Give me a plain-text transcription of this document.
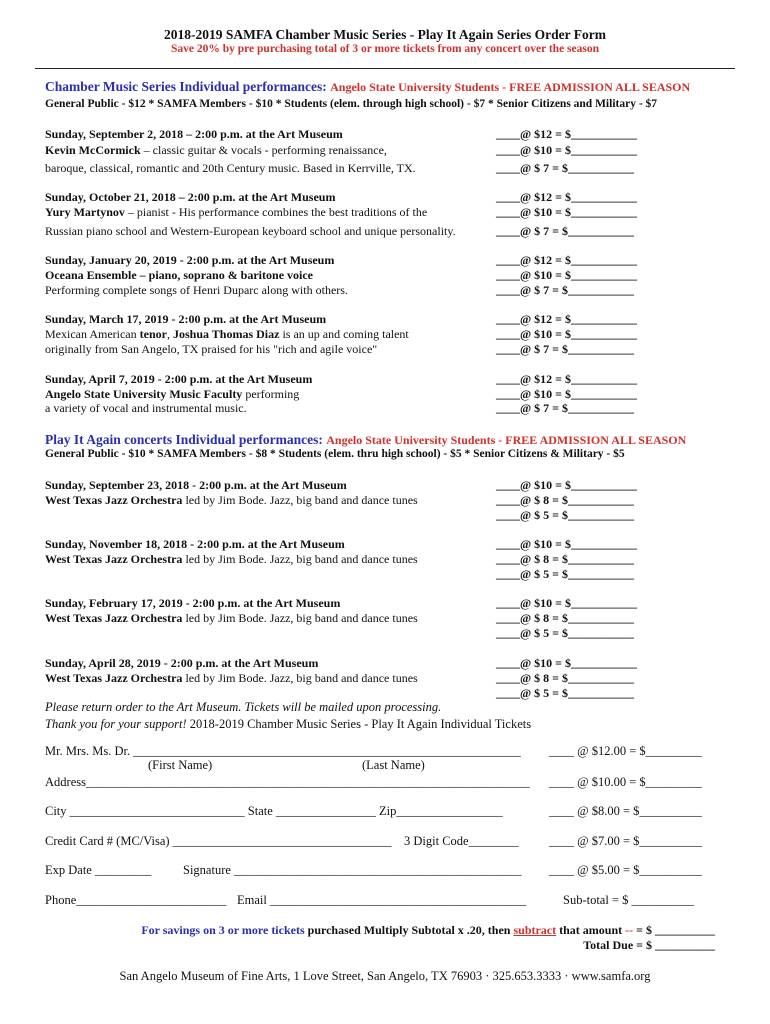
2018-2019 SAMFA Chamber Music Series - Play It Again Series Order Form
Save 20% by pre purchasing total of 3 or more tickets from any concert over the season
Chamber Music Series Individual performances: Angelo State University Students - FREE ADMISSION ALL SEASON
General Public - $12 * SAMFA Members - $10 * Students (elem. through high school) - $7 * Senior Citizens and Military - $7
Sunday, September 2, 2018 – 2:00 p.m. at the Art Museum
Kevin McCormick – classic guitar & vocals - performing renaissance,
baroque, classical, romantic and 20th Century music. Based in Kerrville, TX.
____@ $12 = $___________
____@ $10 = $___________
____@ $ 7 = $___________
Sunday, October 21, 2018 – 2:00 p.m. at the Art Museum
Yury Martynov – pianist - His performance combines the best traditions of the
Russian piano school and Western-European keyboard school and unique personality.
____@ $12 = $___________
____@ $10 = $___________
____@ $ 7 = $___________
Sunday, January 20, 2019 - 2:00 p.m. at the Art Museum
Oceana Ensemble – piano, soprano & baritone voice
Performing complete songs of Henri Duparc along with others.
____@ $12 = $___________
____@ $10 = $___________
____@ $ 7 = $___________
Sunday, March 17, 2019 - 2:00 p.m. at the Art Museum
Mexican American tenor, Joshua Thomas Diaz is an up and coming talent
originally from San Angelo, TX praised for his "rich and agile voice"
____@ $12 = $___________
____@ $10 = $___________
____@ $ 7 = $___________
Sunday, April 7, 2019 - 2:00 p.m. at the Art Museum
Angelo State University Music Faculty performing
a variety of vocal and instrumental music.
____@ $12 = $___________
____@ $10 = $___________
____@ $ 7 = $___________
Play It Again concerts Individual performances: Angelo State University Students - FREE ADMISSION ALL SEASON
General Public - $10 * SAMFA Members - $8 * Students (elem. thru high school) - $5 * Senior Citizens & Military - $5
Sunday, September 23, 2018 - 2:00 p.m. at the Art Museum
West Texas Jazz Orchestra led by Jim Bode. Jazz, big band and dance tunes
____@ $10 = $___________
____@ $ 8 = $___________
____@ $ 5 = $___________
Sunday, November 18, 2018 - 2:00 p.m. at the Art Museum
West Texas Jazz Orchestra led by Jim Bode. Jazz, big band and dance tunes
____@ $10 = $___________
____@ $ 8 = $___________
____@ $ 5 = $___________
Sunday, February 17, 2019 - 2:00 p.m. at the Art Museum
West Texas Jazz Orchestra led by Jim Bode. Jazz, big band and dance tunes
____@ $10 = $___________
____@ $ 8 = $___________
____@ $ 5 = $___________
Sunday, April 28, 2019 - 2:00 p.m. at the Art Museum
West Texas Jazz Orchestra led by Jim Bode. Jazz, big band and dance tunes
____@ $10 = $___________
____@ $ 8 = $___________
____@ $ 5 = $___________
Please return order to the Art Museum. Tickets will be mailed upon processing.
Thank you for your support! 2018-2019 Chamber Music Series - Play It Again Individual Tickets
Mr. Mrs. Ms. Dr. ______________________________________________________________
(First Name)	(Last Name)
Address_______________________________________________________________________
City ____________________________ State ________________ Zip_________________
Credit Card # (MC/Visa) ___________________________________ 3 Digit Code________
Exp Date _________	Signature ______________________________________________
Phone________________________ Email _________________________________________
____ @ $12.00 = $_________
____ @ $10.00 = $_________
____ @ $8.00 = $__________
____ @ $7.00 = $__________
____ @ $5.00 = $__________
Sub-total = $ __________
For savings on 3 or more tickets purchased Multiply Subtotal x .20, then subtract that amount -- = $ __________
Total Due = $ __________
San Angelo Museum of Fine Arts, 1 Love Street, San Angelo, TX 76903 · 325.653.3333 · www.samfa.org
